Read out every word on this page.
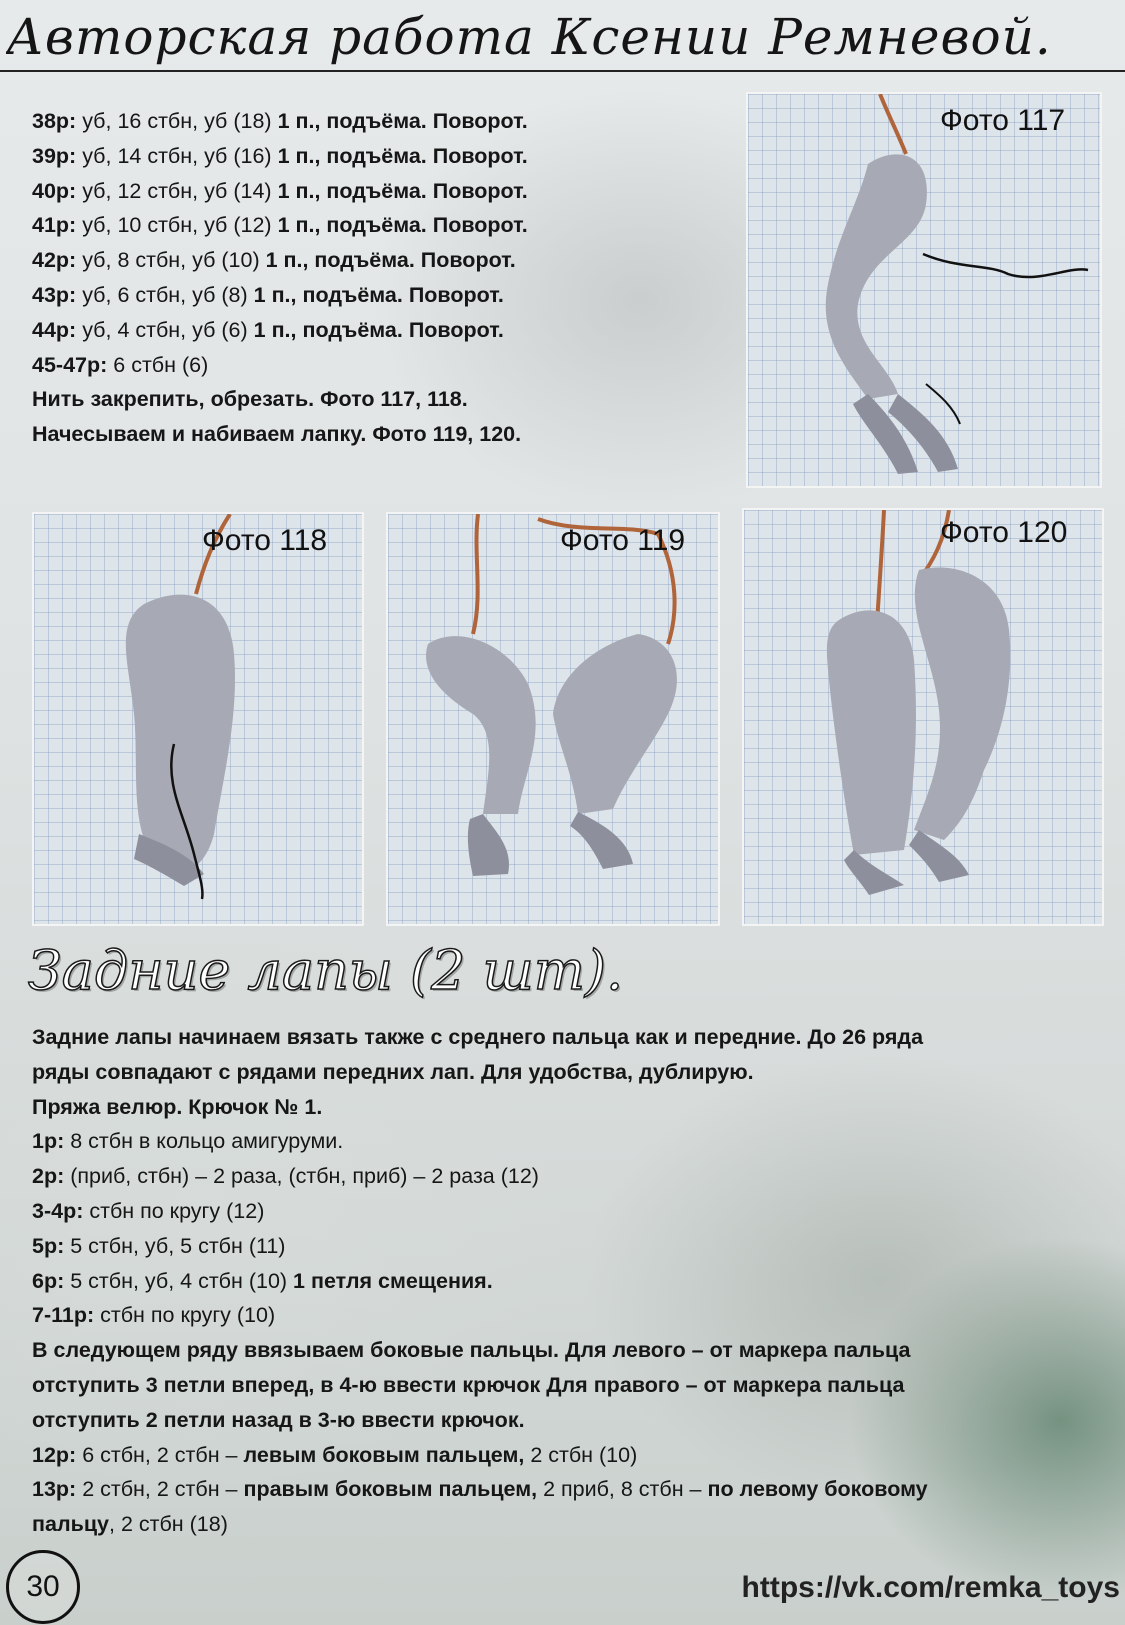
Авторская работа Ксении Ремневой.
38р: уб, 16 стбн, уб (18) 1 п., подъёма. Поворот.
39р: уб, 14 стбн, уб (16) 1 п., подъёма. Поворот.
40р: уб, 12 стбн, уб (14) 1 п., подъёма. Поворот.
41р: уб, 10 стбн, уб (12) 1 п., подъёма. Поворот.
42р: уб, 8 стбн, уб (10) 1 п., подъёма. Поворот.
43р: уб, 6 стбн, уб (8) 1 п., подъёма. Поворот.
44р: уб, 4 стбн, уб (6) 1 п., подъёма. Поворот.
45-47р: 6 стбн (6)
Нить закрепить, обрезать. Фото 117, 118.
Начесываем и набиваем лапку. Фото 119, 120.
Фото 117
Фото 118	Фото 119	Фото 120
Задние лапы (2 шт).
Задние лапы начинаем вязать также с среднего пальца как и передние. До 26 ряда
ряды совпадают с рядами передних лап. Для удобства, дублирую.
Пряжа велюр. Крючок № 1.
1р: 8 стбн в кольцо амигуруми.
2р: (приб, стбн) – 2 раза, (стбн, приб) – 2 раза (12)
3-4р: стбн по кругу (12)
5р: 5 стбн, уб, 5 стбн (11)
6р: 5 стбн, уб, 4 стбн (10) 1 петля смещения.
7-11р: стбн по кругу (10)
В следующем ряду ввязываем боковые пальцы. Для левого – от маркера пальца
отступить 3 петли вперед, в 4-ю ввести крючок Для правого – от маркера пальца
отступить 2 петли назад в 3-ю ввести крючок.
12р: 6 стбн, 2 стбн – левым боковым пальцем, 2 стбн (10)
13р: 2 стбн, 2 стбн – правым боковым пальцем, 2 приб, 8 стбн – по левому боковому
пальцу, 2 стбн (18)
30	https://vk.com/remka_toys
